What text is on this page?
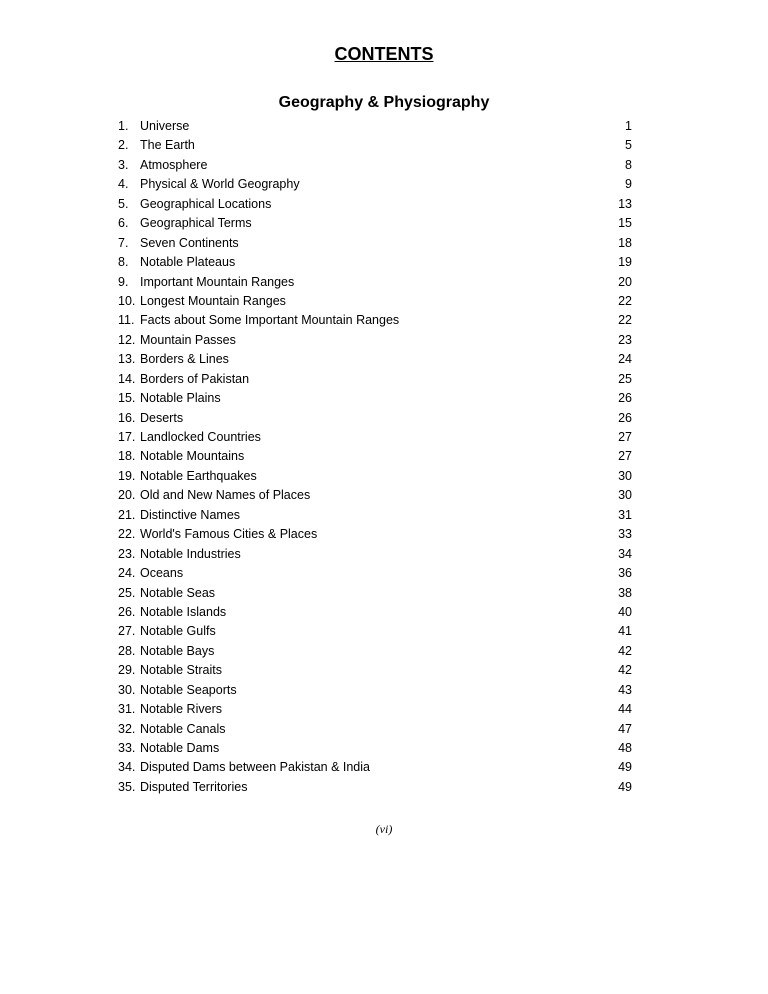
CONTENTS
Geography & Physiography
1. Universe	1
2. The Earth	5
3. Atmosphere	8
4. Physical & World Geography	9
5. Geographical Locations	13
6. Geographical Terms	15
7. Seven Continents	18
8. Notable Plateaus	19
9. Important Mountain Ranges	20
10. Longest Mountain Ranges	22
11. Facts about Some Important Mountain Ranges	22
12. Mountain Passes	23
13. Borders & Lines	24
14. Borders of Pakistan	25
15. Notable Plains	26
16. Deserts	26
17. Landlocked Countries	27
18. Notable Mountains	27
19. Notable Earthquakes	30
20. Old and New Names of Places	30
21. Distinctive Names	31
22. World's Famous Cities & Places	33
23. Notable Industries	34
24. Oceans	36
25. Notable Seas	38
26. Notable Islands	40
27. Notable Gulfs	41
28. Notable Bays	42
29. Notable Straits	42
30. Notable Seaports	43
31. Notable Rivers	44
32. Notable Canals	47
33. Notable Dams	48
34. Disputed Dams between Pakistan & India	49
35. Disputed Territories	49
(vi)
